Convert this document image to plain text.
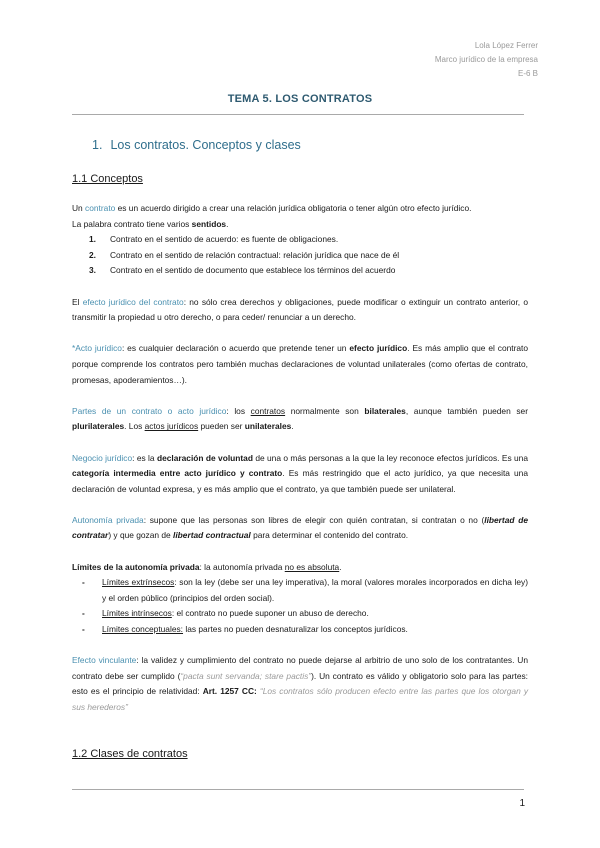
Lola López Ferrer
Marco jurídico de la empresa
E-6 B
TEMA 5. LOS CONTRATOS
1. Los contratos. Conceptos y clases
1.1 Conceptos

Un contrato es un acuerdo dirigido a crear una relación jurídica obligatoria o tener algún otro efecto jurídico.

La palabra contrato tiene varios sentidos.

1. Contrato en el sentido de acuerdo: es fuente de obligaciones.
2. Contrato en el sentido de relación contractual: relación jurídica que nace de él
3. Contrato en el sentido de documento que establece los términos del acuerdo

El efecto jurídico del contrato: no sólo crea derechos y obligaciones, puede modificar o extinguir un contrato anterior, o transmitir la propiedad u otro derecho, o para ceder/ renunciar a un derecho.

*Acto jurídico: es cualquier declaración o acuerdo que pretende tener un efecto jurídico. Es más amplio que el contrato porque comprende los contratos pero también muchas declaraciones de voluntad unilaterales (como ofertas de contrato, promesas, apoderamientos…).

Partes de un contrato o acto jurídico: los contratos normalmente son bilaterales, aunque también pueden ser plurilaterales. Los actos jurídicos pueden ser unilaterales.

Negocio jurídico: es la declaración de voluntad de una o más personas a la que la ley reconoce efectos jurídicos. Es una categoría intermedia entre acto jurídico y contrato. Es más restringido que el acto jurídico, ya que necesita una declaración de voluntad expresa, y es más amplio que el contrato, ya que también puede ser unilateral.

Autonomía privada: supone que las personas son libres de elegir con quién contratan, si contratan o no (libertad de contratar) y que gozan de libertad contractual para determinar el contenido del contrato.

Límites de la autonomía privada: la autonomía privada no es absoluta.

- Límites extrínsecos: son la ley (debe ser una ley imperativa), la moral (valores morales incorporados en dicha ley) y el orden público (principios del orden social).
- Límites intrínsecos: el contrato no puede suponer un abuso de derecho.
- Límites conceptuales: las partes no pueden desnaturalizar los conceptos jurídicos.

Efecto vinculante: la validez y cumplimiento del contrato no puede dejarse al arbitrio de uno solo de los contratantes. Un contrato debe ser cumplido (“pacta sunt servanda; stare pactis”). Un contrato es válido y obligatorio solo para las partes: esto es el principio de relatividad: Art. 1257 CC: “Los contratos sólo producen efecto entre las partes que los otorgan y sus herederos”

1.2 Clases de contratos
1
